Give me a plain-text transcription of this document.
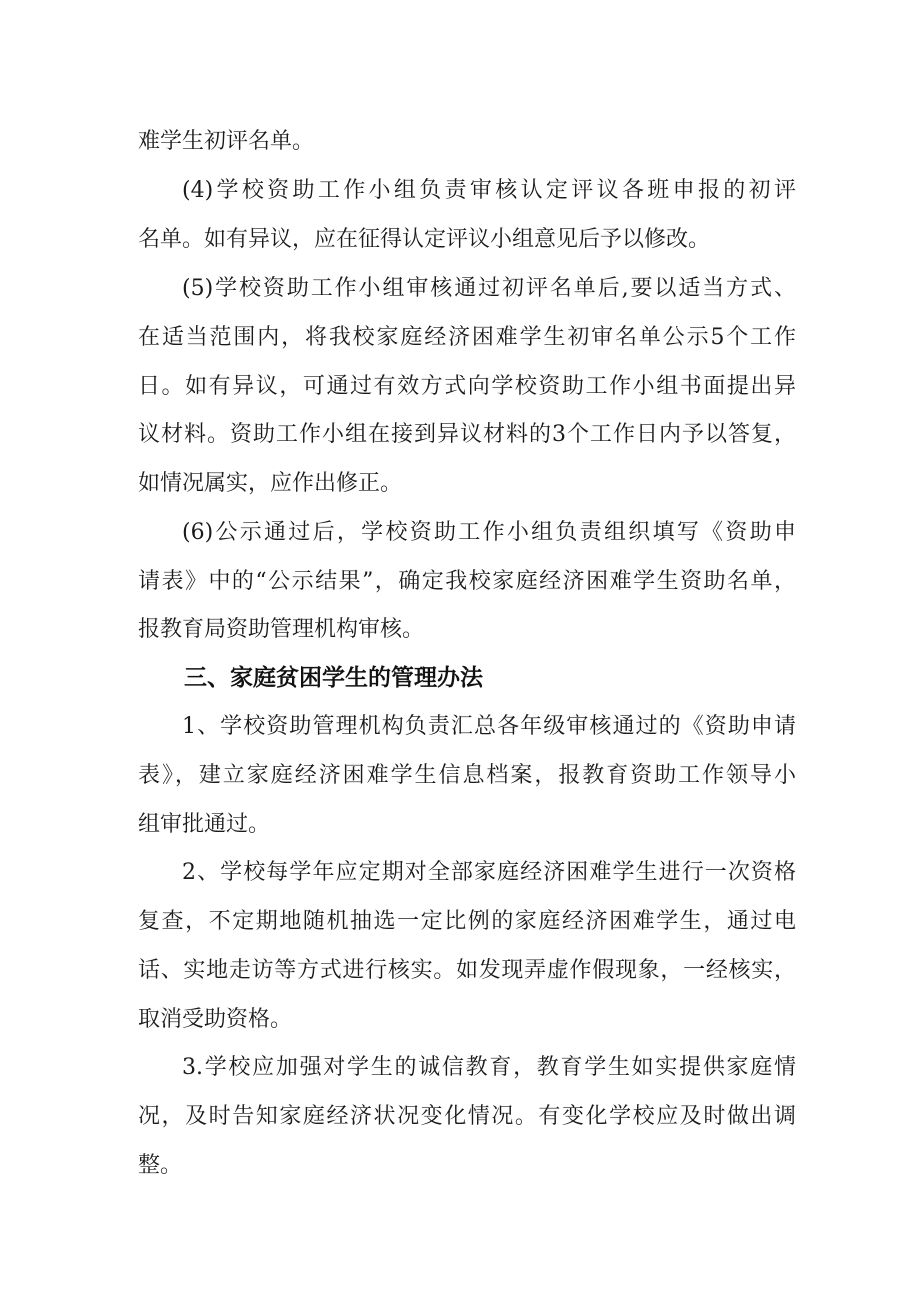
难学生初评名单。

(4)学校资助工作小组负责审核认定评议各班申报的初评

名单。如有异议，应在征得认定评议小组意见后予以修改。

(5)学校资助工作小组审核通过初评名单后,要以适当方式、

在适当范围内，将我校家庭经济困难学生初审名单公示5个工作

日。如有异议，可通过有效方式向学校资助工作小组书面提出异

议材料。资助工作小组在接到异议材料的3个工作日内予以答复，

如情况属实，应作出修正。

(6)公示通过后，学校资助工作小组负责组织填写《资助申

请表》中的“公示结果”，确定我校家庭经济困难学生资助名单，

报教育局资助管理机构审核。

三、家庭贫困学生的管理办法

1、学校资助管理机构负责汇总各年级审核通过的《资助申请

表》，建立家庭经济困难学生信息档案，报教育资助工作领导小

组审批通过。

2、学校每学年应定期对全部家庭经济困难学生进行一次资格

复查，不定期地随机抽选一定比例的家庭经济困难学生，通过电

话、实地走访等方式进行核实。如发现弄虚作假现象，一经核实，

取消受助资格。

3.学校应加强对学生的诚信教育，教育学生如实提供家庭情

况，及时告知家庭经济状况变化情况。有变化学校应及时做出调

整。
